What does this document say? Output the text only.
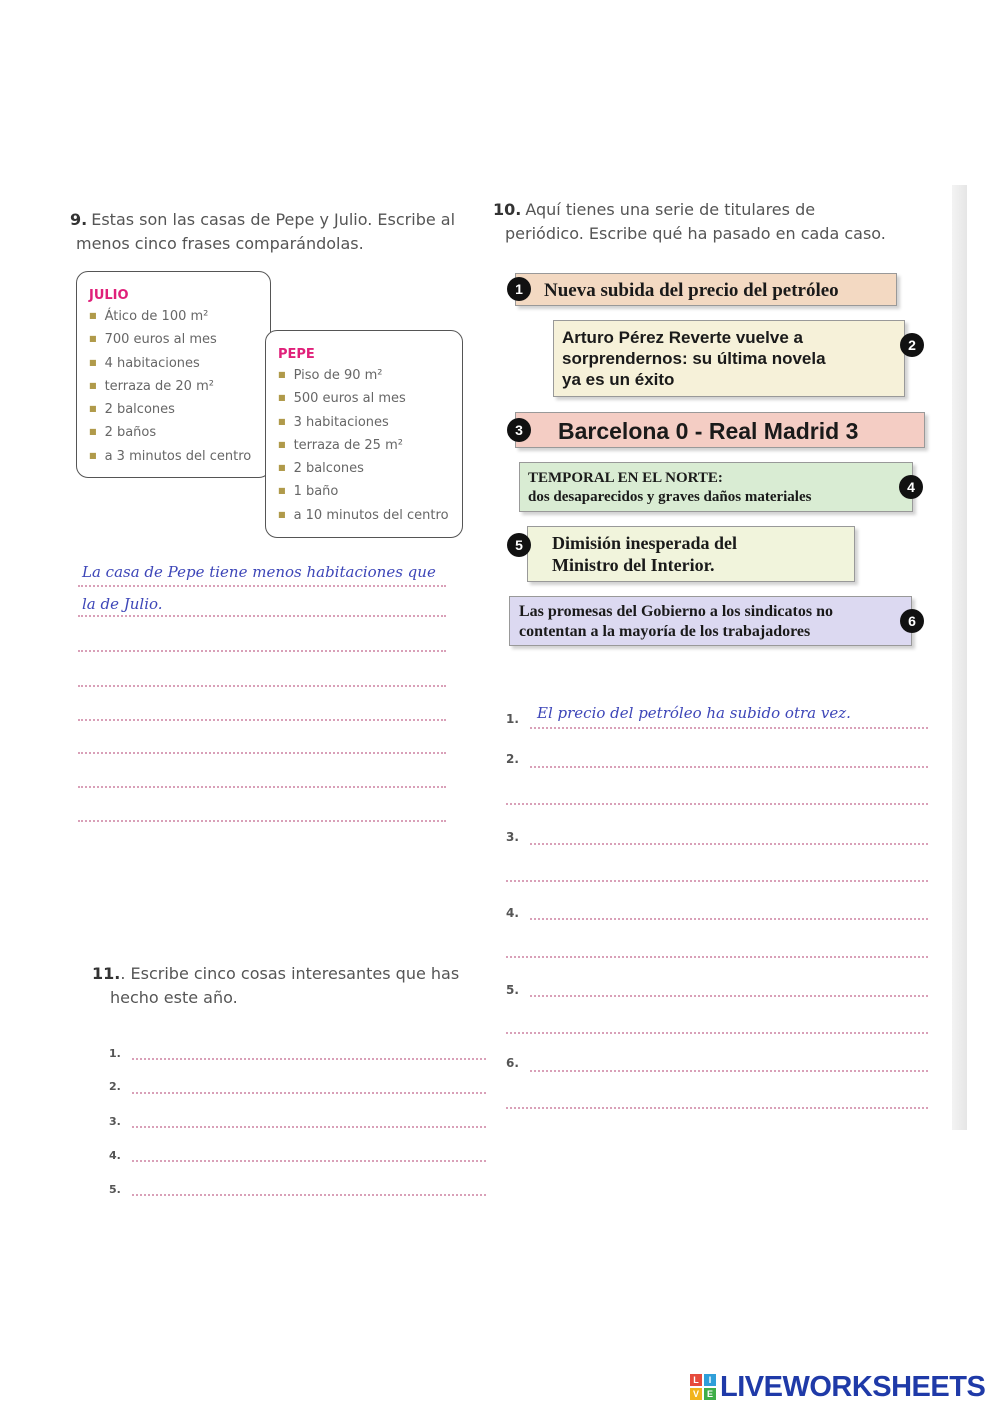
9. Estas son las casas de Pepe y Julio. Escribe al
menos cinco frases comparándolas.
JULIO
■ Ático de 100 m²
■ 700 euros al mes
■ 4 habitaciones
■ terraza de 20 m²
■ 2 balcones
■ 2 baños
■ a 3 minutos del centro
PEPE
■ Piso de 90 m²
■ 500 euros al mes
■ 3 habitaciones
■ terraza de 25 m²
■ 2 balcones
■ 1 baño
■ a 10 minutos del centro
La casa de Pepe tiene menos habitaciones que
la de Julio.
10. Aquí tienes una serie de titulares de
periódico. Escribe qué ha pasado en cada caso.
Nueva subida del precio del petróleo
1
Arturo Pérez Reverte vuelve a
sorprendernos: su última novela
ya es un éxito
2
Barcelona 0 - Real Madrid 3
3
TEMPORAL EN EL NORTE:
dos desaparecidos y graves daños materiales
4
Dimisión inesperada del
Ministro del Interior.
5
Las promesas del Gobierno a los sindicatos no
contentan a la mayoría de los trabajadores
6
1. El precio del petróleo ha subido otra vez.
2.
3.
4.
5.
6.
11.. Escribe cinco cosas interesantes que has
hecho este año.
1.
2.
3.
4.
5.
L	I
V E LIVEWORKSHEETS
